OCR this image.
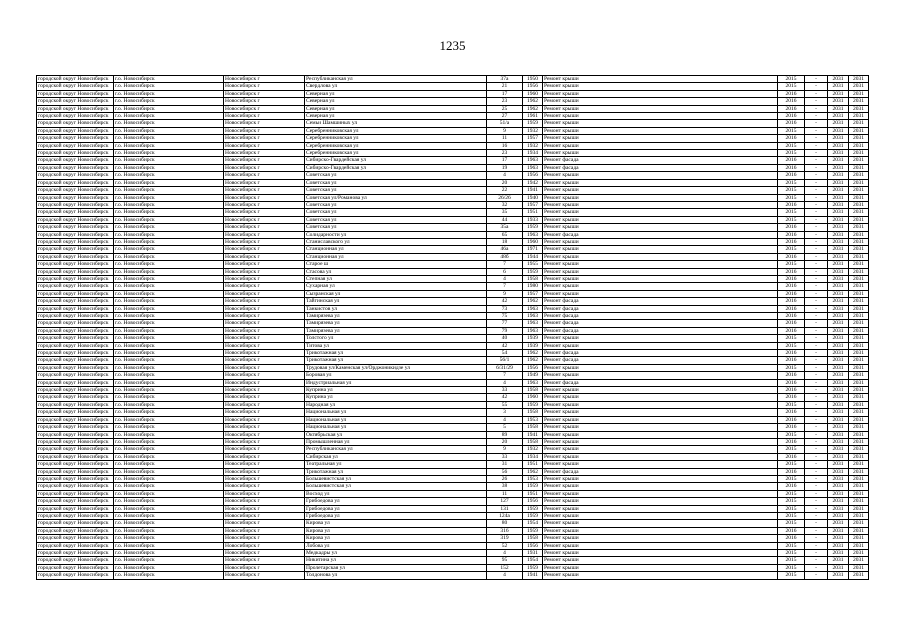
1235
городской округ Новосибирск	г.о. Новосибирск	Новосибирск г	Республиканская ул	37а	1950	Ремонт крыши	2015	-	2031	2031
городской округ Новосибирск	г.о. Новосибирск	Новосибирск г	Свердлова ул	21	1956	Ремонт крыши	2015	-	2031	2031
городской округ Новосибирск	г.о. Новосибирск	Новосибирск г	Северная ул	17	1960	Ремонт крыши	2016	-	2031	2031
городской округ Новосибирск	г.о. Новосибирск	Новосибирск г	Северная ул	23	1962	Ремонт крыши	2016	-	2031	2031
городской округ Новосибирск	г.о. Новосибирск	Новосибирск г	Северная ул	25	1962	Ремонт крыши	2016	-	2031	2031
городской округ Новосибирск	г.о. Новосибирск	Новосибирск г	Северная ул	27	1961	Ремонт крыши	2016	-	2031	2031
городской округ Новосибирск	г.о. Новосибирск	Новосибирск г	Семьи Шамшиных ул	51/а	1959	Ремонт крыши	2016	-	2031	2031
городской округ Новосибирск	г.о. Новосибирск	Новосибирск г	Серебренниковская ул	9	1932	Ремонт крыши	2015	-	2031	2031
городской округ Новосибирск	г.о. Новосибирск	Новосибирск г	Серебренниковская ул	11	1957	Ремонт крыши	2016	-	2031	2031
городской округ Новосибирск	г.о. Новосибирск	Новосибирск г	Серебренниковская ул	16	1932	Ремонт крыши	2015	-	2031	2031
городской округ Новосибирск	г.о. Новосибирск	Новосибирск г	Серебренниковская ул	23	1934	Ремонт крыши	2015	-	2031	2031
городской округ Новосибирск	г.о. Новосибирск	Новосибирск г	Сибирско-Гвардейская ул	17	1963	Ремонт фасада	2016	-	2031	2031
городской округ Новосибирск	г.о. Новосибирск	Новосибирск г	Сибирско-Гвардейская ул	19	1963	Ремонт фасада	2016	-	2031	2031
городской округ Новосибирск	г.о. Новосибирск	Новосибирск г	Советская ул	4	1956	Ремонт крыши	2016	-	2031	2031
городской округ Новосибирск	г.о. Новосибирск	Новосибирск г	Советская ул	20	1942	Ремонт крыши	2015	-	2031	2031
городской округ Новосибирск	г.о. Новосибирск	Новосибирск г	Советская ул	22	1941	Ремонт крыши	2015	-	2031	2031
городской округ Новосибирск	г.о. Новосибирск	Новосибирск г	Советская ул/Романова ул	26/26	1940	Ремонт крыши	2015	-	2031	2031
городской округ Новосибирск	г.о. Новосибирск	Новосибирск г	Советская ул	32	1957	Ремонт крыши	2016	-	2031	2031
городской округ Новосибирск	г.о. Новосибирск	Новосибирск г	Советская ул	35	1951	Ремонт крыши	2015	-	2031	2031
городской округ Новосибирск	г.о. Новосибирск	Новосибирск г	Советская ул	44	1933	Ремонт крыши	2015	-	2031	2031
городской округ Новосибирск	г.о. Новосибирск	Новосибирск г	Советская ул	35а	1959	Ремонт крыши	2016	-	2031	2031
городской округ Новосибирск	г.о. Новосибирск	Новосибирск г	Солидарности ул	65	1963	Ремонт фасада	2016	-	2031	2031
городской округ Новосибирск	г.о. Новосибирск	Новосибирск г	Станиславского ул	18	1960	Ремонт крыши	2016	-	2031	2031
городской округ Новосибирск	г.о. Новосибирск	Новосибирск г	Станционная ул	46а	1971	Ремонт крыши	2015	-	2031	2031
городской округ Новосибирск	г.о. Новосибирск	Новосибирск г	Станционная ул	48б	1944	Ремонт крыши	2016	-	2031	2031
городской округ Новосибирск	г.о. Новосибирск	Новосибирск г	Старое ш	7	1955	Ремонт крыши	2015	-	2031	2031
городской округ Новосибирск	г.о. Новосибирск	Новосибирск г	Стасова ул	6	1959	Ремонт крыши	2016	-	2031	2031
городской округ Новосибирск	г.о. Новосибирск	Новосибирск г	Степная ул	4	1958	Ремонт крыши	2016	-	2031	2031
городской округ Новосибирск	г.о. Новосибирск	Новосибирск г	Сухарная ул	7	1980	Ремонт крыши	2016	-	2031	2031
городской округ Новосибирск	г.о. Новосибирск	Новосибирск г	Сызранская ул	9	1957	Ремонт крыши	2016	-	2031	2031
городской округ Новосибирск	г.о. Новосибирск	Новосибирск г	Тайгинская ул	42	1962	Ремонт фасада	2016	-	2031	2031
городской округ Новосибирск	г.о. Новосибирск	Новосибирск г	Танкистов ул	73	1963	Ремонт фасада	2016	-	2031	2031
городской округ Новосибирск	г.о. Новосибирск	Новосибирск г	Тамирязева ул	75	1963	Ремонт фасада	2016	-	2031	2031
городской округ Новосибирск	г.о. Новосибирск	Новосибирск г	Тамирязева ул	77	1963	Ремонт фасада	2016	-	2031	2031
городской округ Новосибирск	г.о. Новосибирск	Новосибирск г	Тамирязева ул	79	1963	Ремонт фасада	2016	-	2031	2031
городской округ Новосибирск	г.о. Новосибирск	Новосибирск г	Толстого ул	40	1939	Ремонт крыши	2015	-	2031	2031
городской округ Новосибирск	г.о. Новосибирск	Новосибирск г	Титова ул	42	1939	Ремонт крыши	2015	-	2031	2031
городской округ Новосибирск	г.о. Новосибирск	Новосибирск г	Трикотажная ул	54	1962	Ремонт фасада	2016	-	2031	2031
городской округ Новосибирск	г.о. Новосибирск	Новосибирск г	Трикотажная ул	56/1	1962	Ремонт фасада	2016	-	2031	2031
городской округ Новосибирск	г.о. Новосибирск	Новосибирск г	Трудовая ул/Каменская ул/Орджоникидзе ул	6/31/29	1956	Ремонт крыши	2015	-	2031	2031
городской округ Новосибирск	г.о. Новосибирск	Новосибирск г	Боровая ул	7	1949	Ремонт крыши	2016	-	2031	2031
городской округ Новосибирск	г.о. Новосибирск	Новосибирск г	Индустриальная ул	4	1963	Ремонт фасада	2016	-	2031	2031
городской округ Новосибирск	г.о. Новосибирск	Новосибирск г	Куприна ул	33	1958	Ремонт крыши	2016	-	2031	2031
городской округ Новосибирск	г.о. Новосибирск	Новосибирск г	Куприна ул	42	1960	Ремонт крыши	2016	-	2031	2031
городской округ Новосибирск	г.о. Новосибирск	Новосибирск г	Народная ул	55	1959	Ремонт крыши	2015	-	2031	2031
городской округ Новосибирск	г.о. Новосибирск	Новосибирск г	Национальная ул	3	1958	Ремонт крыши	2016	-	2031	2031
городской округ Новосибирск	г.о. Новосибирск	Новосибирск г	Национальная ул	4	1953	Ремонт крыши	2016	-	2031	2031
городской округ Новосибирск	г.о. Новосибирск	Новосибирск г	Национальная ул	5	1958	Ремонт крыши	2016	-	2031	2031
городской округ Новосибирск	г.о. Новосибирск	Новосибирск г	Октябрьская ул	89	1941	Ремонт крыши	2015	-	2031	2031
городской округ Новосибирск	г.о. Новосибирск	Новосибирск г	Промышленная ул	20	1958	Ремонт крыши	2016	-	2031	2031
городской округ Новосибирск	г.о. Новосибирск	Новосибирск г	Республиканская ул	9	1932	Ремонт крыши	2015	-	2031	2031
городской округ Новосибирск	г.о. Новосибирск	Новосибирск г	Сибирская ул	33	1934	Ремонт крыши	2016	-	2031	2031
городской округ Новосибирск	г.о. Новосибирск	Новосибирск г	Театральная ул	31	1951	Ремонт крыши	2015	-	2031	2031
городской округ Новосибирск	г.о. Новосибирск	Новосибирск г	Трикотажная ул	56	1962	Ремонт фасада	2016	-	2031	2031
городской округ Новосибирск	г.о. Новосибирск	Новосибирск г	Большевистская ул	26	1953	Ремонт крыши	2015	-	2031	2031
городской округ Новосибирск	г.о. Новосибирск	Новосибирск г	Большевистская ул	38	1959	Ремонт крыши	2016	-	2031	2031
городской округ Новосибирск	г.о. Новосибирск	Новосибирск г	Восход ул	11	1951	Ремонт крыши	2015	-	2031	2031
городской округ Новосибирск	г.о. Новосибирск	Новосибирск г	Грибоедова ул	127	1956	Ремонт крыши	2015	-	2031	2031
городской округ Новосибирск	г.о. Новосибирск	Новосибирск г	Грибоедова ул	131	1959	Ремонт крыши	2015	-	2031	2031
городской округ Новосибирск	г.о. Новосибирск	Новосибирск г	Грибоедова ул	124а	1959	Ремонт крыши	2015	-	2031	2031
городской округ Новосибирск	г.о. Новосибирск	Новосибирск г	Кирова ул	80	1954	Ремонт крыши	2015	-	2031	2031
городской округ Новосибирск	г.о. Новосибирск	Новосибирск г	Кирова ул	316	1959	Ремонт крыши	2016	-	2031	2031
городской округ Новосибирск	г.о. Новосибирск	Новосибирск г	Кирова ул	319	1958	Ремонт крыши	2016	-	2031	2031
городской округ Новосибирск	г.о. Новосибирск	Новосибирск г	Лобова ул	52	1956	Ремонт крыши	2015	-	2031	2031
городской округ Новосибирск	г.о. Новосибирск	Новосибирск г	Медкадры ул	4	1931	Ремонт крыши	2015	-	2031	2031
городской округ Новосибирск	г.о. Новосибирск	Новосибирск г	Никитина ул	95	1954	Ремонт крыши	2015	-	2031	2031
городской округ Новосибирск	г.о. Новосибирск	Новосибирск г	Пролетарская ул	152	1959	Ремонт крыши	2015	-	2031	2031
городской округ Новосибирск	г.о. Новосибирск	Новосибирск г	Толдонова ул	4	1941	Ремонт крыши	2015	-	2031	2031
